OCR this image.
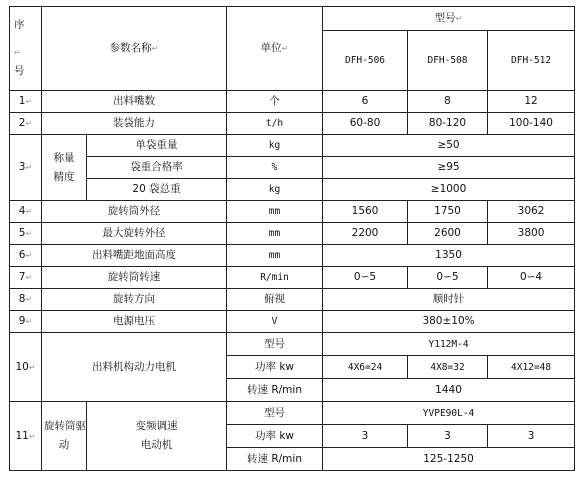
序
↵
号	参数名称↵		单位↵	型号↵		
				DFH-506	DFH-508	DFH-512
1↵	出料嘴数		个	6	8	12
2↵	装袋能力		t/h	60-80	80-120	100-140
3↵	称量
精度	单袋重量	kg	≥50		
		袋重合格率	%	≥95		
		20 袋总重	kg	≥1000		
4↵	旋转筒外径		mm	1560	1750	3062
5↵	最大旋转外径		mm	2200	2600	3800
6↵	出料嘴距地面高度		mm	1350		
7↵	旋转筒转速		R/min	0∽5	0∽5	0∽4
8↵	旋转方向		俯视	顺时针		
9↵	电源电压		V	380±10%		
10↵	出料机构动力电机		型号	Y112M-4		
			功率 kw	4X6=24	4X8=32	4X12=48
			转速 R/min	1440		
11↵	旋转筒驱
动	变频调速
电动机	型号	YVPE90L-4		
			功率 kw	3	3	3
			转速 R/min	125-1250		
